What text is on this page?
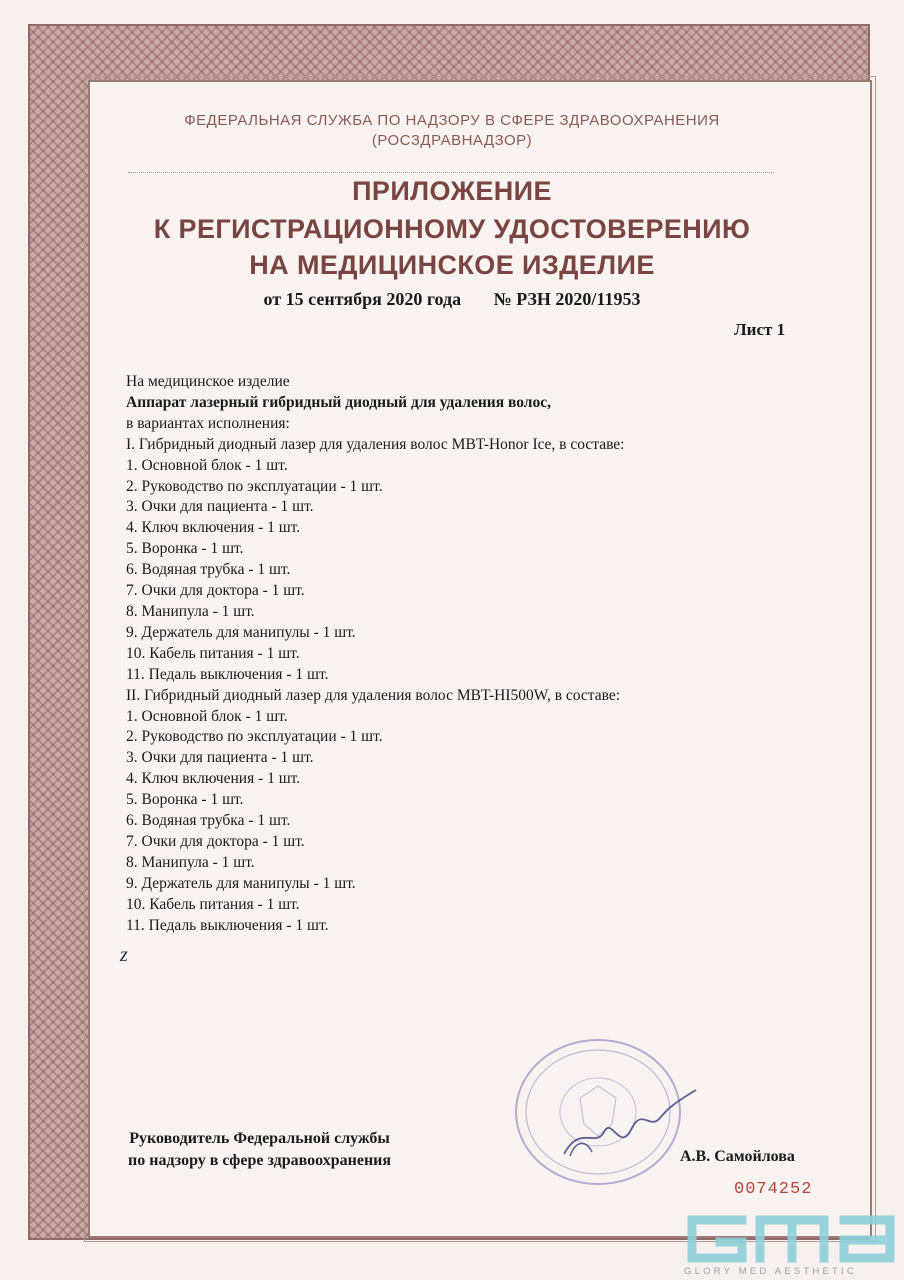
ФЕДЕРАЛЬНАЯ СЛУЖБА ПО НАДЗОРУ В СФЕРЕ ЗДРАВООХРАНЕНИЯ
(РОСЗДРАВНАДЗОР)
ПРИЛОЖЕНИЕ
К РЕГИСТРАЦИОННОМУ УДОСТОВЕРЕНИЮ
НА МЕДИЦИНСКОЕ ИЗДЕЛИЕ
от 15 сентября 2020 года № РЗН 2020/11953
Лист 1
На медицинское изделие
Аппарат лазерный гибридный диодный для удаления волос,
в вариантах исполнения:
I. Гибридный диодный лазер для удаления волос MBT-Honor Ice, в составе:
1. Основной блок - 1 шт.
2. Руководство по эксплуатации - 1 шт.
3. Очки для пациента - 1 шт.
4. Ключ включения - 1 шт.
5. Воронка - 1 шт.
6. Водяная трубка - 1 шт.
7. Очки для доктора - 1 шт.
8. Манипула - 1 шт.
9. Держатель для манипулы - 1 шт.
10. Кабель питания - 1 шт.
11. Педаль выключения - 1 шт.
II. Гибридный диодный лазер для удаления волос MBT-HI500W, в составе:
1. Основной блок - 1 шт.
2. Руководство по эксплуатации - 1 шт.
3. Очки для пациента - 1 шт.
4. Ключ включения - 1 шт.
5. Воронка - 1 шт.
6. Водяная трубка - 1 шт.
7. Очки для доктора - 1 шт.
8. Манипула - 1 шт.
9. Держатель для манипулы - 1 шт.
10. Кабель питания - 1 шт.
11. Педаль выключения - 1 шт.
z
Руководитель Федеральной службы
по надзору в сфере здравоохранения	А.В. Самойлова
0074252
GLORY MED AESTHETIC
